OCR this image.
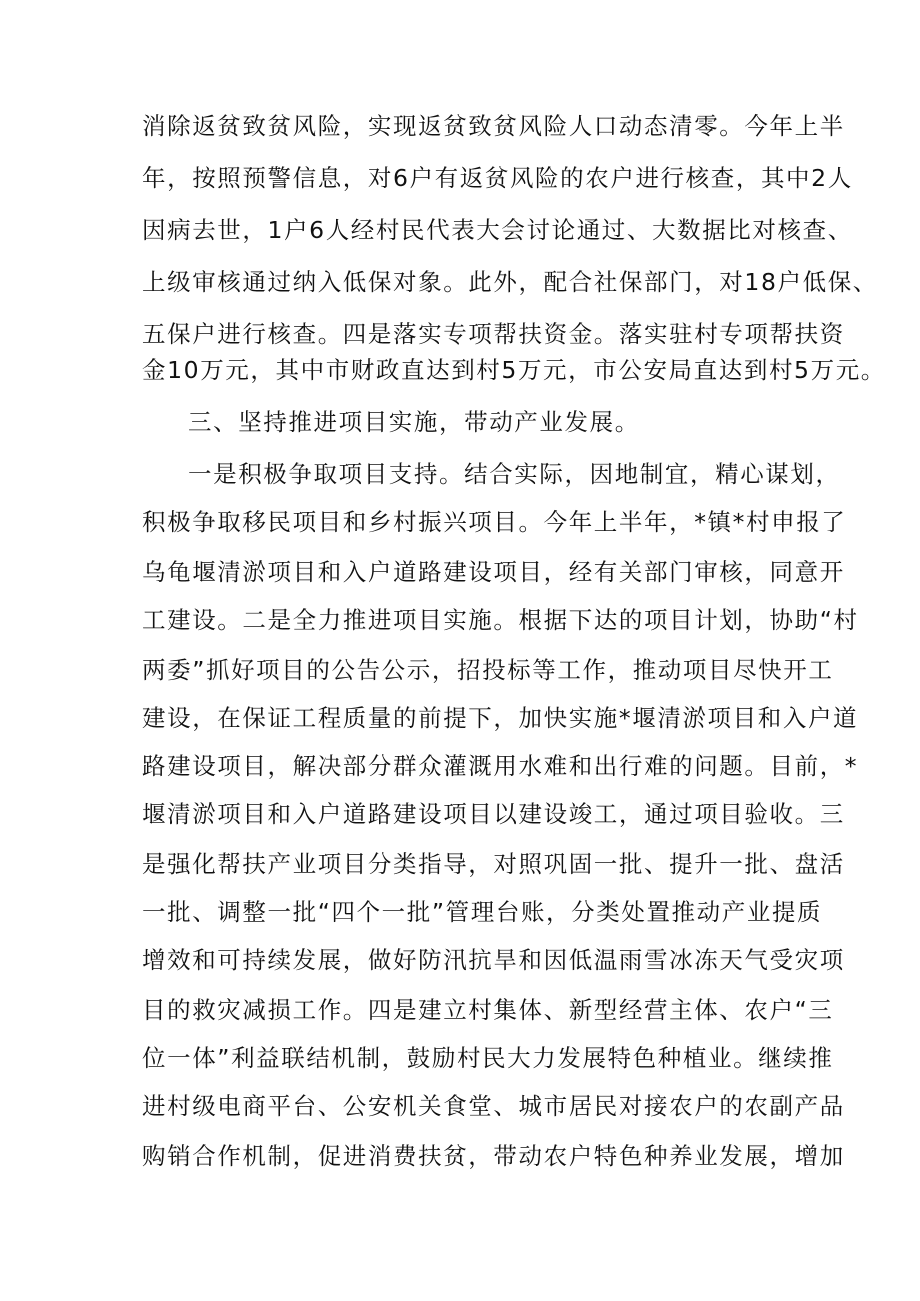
消除返贫致贫风险，实现返贫致贫风险人口动态清零。今年上半
年，按照预警信息，对6户有返贫风险的农户进行核查，其中2人
因病去世，1户6人经村民代表大会讨论通过、大数据比对核查、
上级审核通过纳入低保对象。此外，配合社保部门，对18户低保、
五保户进行核查。四是落实专项帮扶资金。落实驻村专项帮扶资
金10万元，其中市财政直达到村5万元，市公安局直达到村5万元。
三、坚持推进项目实施，带动产业发展。
一是积极争取项目支持。结合实际，因地制宜，精心谋划，
积极争取移民项目和乡村振兴项目。今年上半年，*镇*村申报了
乌龟堰清淤项目和入户道路建设项目，经有关部门审核，同意开
工建设。二是全力推进项目实施。根据下达的项目计划，协助“村
两委”抓好项目的公告公示，招投标等工作，推动项目尽快开工
建设，在保证工程质量的前提下，加快实施*堰清淤项目和入户道
路建设项目，解决部分群众灌溉用水难和出行难的问题。目前，*
堰清淤项目和入户道路建设项目以建设竣工，通过项目验收。三
是强化帮扶产业项目分类指导，对照巩固一批、提升一批、盘活
一批、调整一批“四个一批”管理台账，分类处置推动产业提质
增效和可持续发展，做好防汛抗旱和因低温雨雪冰冻天气受灾项
目的救灾减损工作。四是建立村集体、新型经营主体、农户“三
位一体”利益联结机制，鼓励村民大力发展特色种植业。继续推
进村级电商平台、公安机关食堂、城市居民对接农户的农副产品
购销合作机制，促进消费扶贫，带动农户特色种养业发展，增加
